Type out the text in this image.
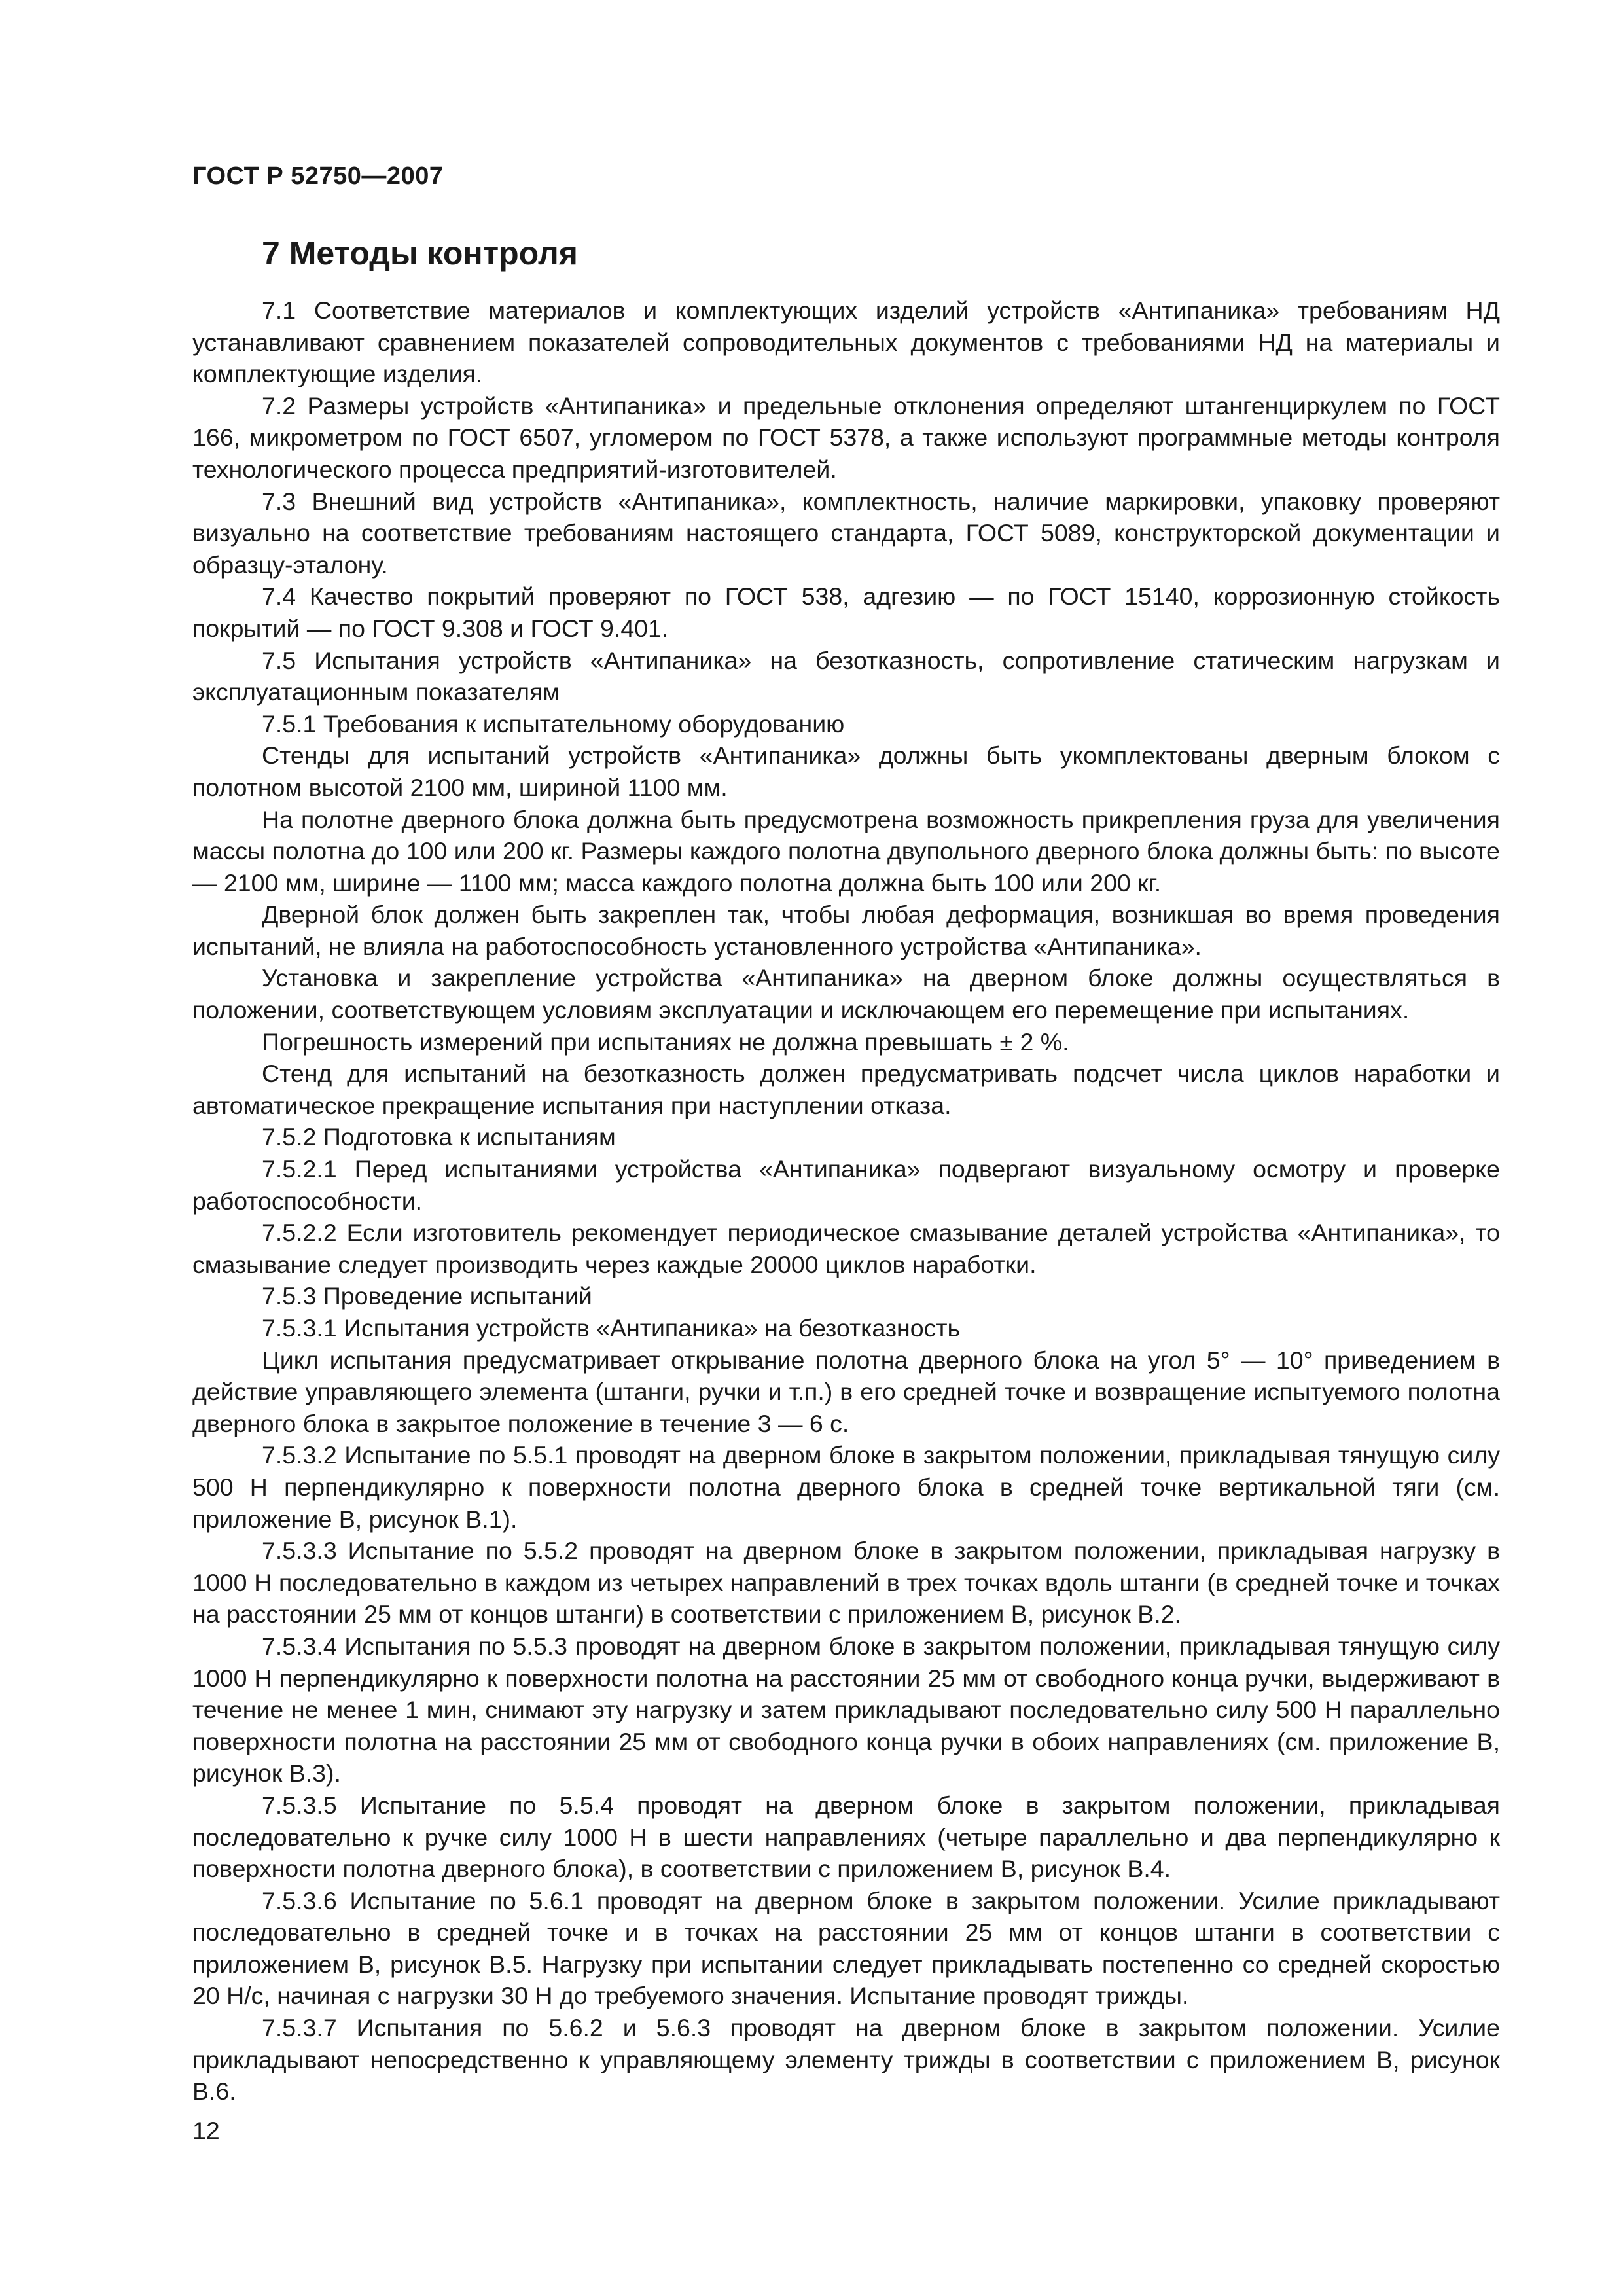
ГОСТ Р 52750—2007
7 Методы контроля

7.1 Соответствие материалов и комплектующих изделий устройств «Антипаника» требованиям НД устанавливают сравнением показателей сопроводительных документов с требованиями НД на материалы и комплектующие изделия.

7.2 Размеры устройств «Антипаника» и предельные отклонения определяют штангенциркулем по ГОСТ 166, микрометром по ГОСТ 6507, угломером по ГОСТ 5378, а также используют программные методы контроля технологического процесса предприятий-изготовителей.

7.3 Внешний вид устройств «Антипаника», комплектность, наличие маркировки, упаковку проверяют визуально на соответствие требованиям настоящего стандарта, ГОСТ 5089, конструкторской документации и образцу-эталону.

7.4 Качество покрытий проверяют по ГОСТ 538, адгезию — по ГОСТ 15140, коррозионную стойкость покрытий — по ГОСТ 9.308 и ГОСТ 9.401.

7.5 Испытания устройств «Антипаника» на безотказность, сопротивление статическим нагрузкам и эксплуатационным показателям

7.5.1 Требования к испытательному оборудованию

Стенды для испытаний устройств «Антипаника» должны быть укомплектованы дверным блоком с полотном высотой 2100 мм, шириной 1100 мм.

На полотне дверного блока должна быть предусмотрена возможность прикрепления груза для увеличения массы полотна до 100 или 200 кг. Размеры каждого полотна двупольного дверного блока должны быть: по высоте — 2100 мм, ширине — 1100 мм; масса каждого полотна должна быть 100 или 200 кг.

Дверной блок должен быть закреплен так, чтобы любая деформация, возникшая во время проведения испытаний, не влияла на работоспособность установленного устройства «Антипаника».

Установка и закрепление устройства «Антипаника» на дверном блоке должны осуществляться в положении, соответствующем условиям эксплуатации и исключающем его перемещение при испытаниях.

Погрешность измерений при испытаниях не должна превышать ± 2 %.

Стенд для испытаний на безотказность должен предусматривать подсчет числа циклов наработки и автоматическое прекращение испытания при наступлении отказа.

7.5.2 Подготовка к испытаниям

7.5.2.1 Перед испытаниями устройства «Антипаника» подвергают визуальному осмотру и проверке работоспособности.

7.5.2.2 Если изготовитель рекомендует периодическое смазывание деталей устройства «Антипаника», то смазывание следует производить через каждые 20000 циклов наработки.

7.5.3 Проведение испытаний

7.5.3.1 Испытания устройств «Антипаника» на безотказность

Цикл испытания предусматривает открывание полотна дверного блока на угол 5° — 10° приведением в действие управляющего элемента (штанги, ручки и т.п.) в его средней точке и возвращение испытуемого полотна дверного блока в закрытое положение в течение 3 — 6 с.

7.5.3.2 Испытание по 5.5.1 проводят на дверном блоке в закрытом положении, прикладывая тянущую силу 500 Н перпендикулярно к поверхности полотна дверного блока в средней точке вертикальной тяги (см. приложение В, рисунок В.1).

7.5.3.3 Испытание по 5.5.2 проводят на дверном блоке в закрытом положении, прикладывая нагрузку в 1000 Н последовательно в каждом из четырех направлений в трех точках вдоль штанги (в средней точке и точках на расстоянии 25 мм от концов штанги) в соответствии с приложением В, рисунок В.2.

7.5.3.4 Испытания по 5.5.3 проводят на дверном блоке в закрытом положении, прикладывая тянущую силу 1000 Н перпендикулярно к поверхности полотна на расстоянии 25 мм от свободного конца ручки, выдерживают в течение не менее 1 мин, снимают эту нагрузку и затем прикладывают последовательно силу 500 Н параллельно поверхности полотна на расстоянии 25 мм от свободного конца ручки в обоих направлениях (см. приложение В, рисунок В.3).

7.5.3.5 Испытание по 5.5.4 проводят на дверном блоке в закрытом положении, прикладывая последовательно к ручке силу 1000 Н в шести направлениях (четыре параллельно и два перпендикулярно к поверхности полотна дверного блока), в соответствии с приложением В, рисунок В.4.

7.5.3.6 Испытание по 5.6.1 проводят на дверном блоке в закрытом положении. Усилие прикладывают последовательно в средней точке и в точках на расстоянии 25 мм от концов штанги в соответствии с приложением В, рисунок В.5. Нагрузку при испытании следует прикладывать постепенно со средней скоростью 20 Н/с, начиная с нагрузки 30 Н до требуемого значения. Испытание проводят трижды.

7.5.3.7 Испытания по 5.6.2 и 5.6.3 проводят на дверном блоке в закрытом положении. Усилие прикладывают непосредственно к управляющему элементу трижды в соответствии с приложением В, рисунок В.6.

12
